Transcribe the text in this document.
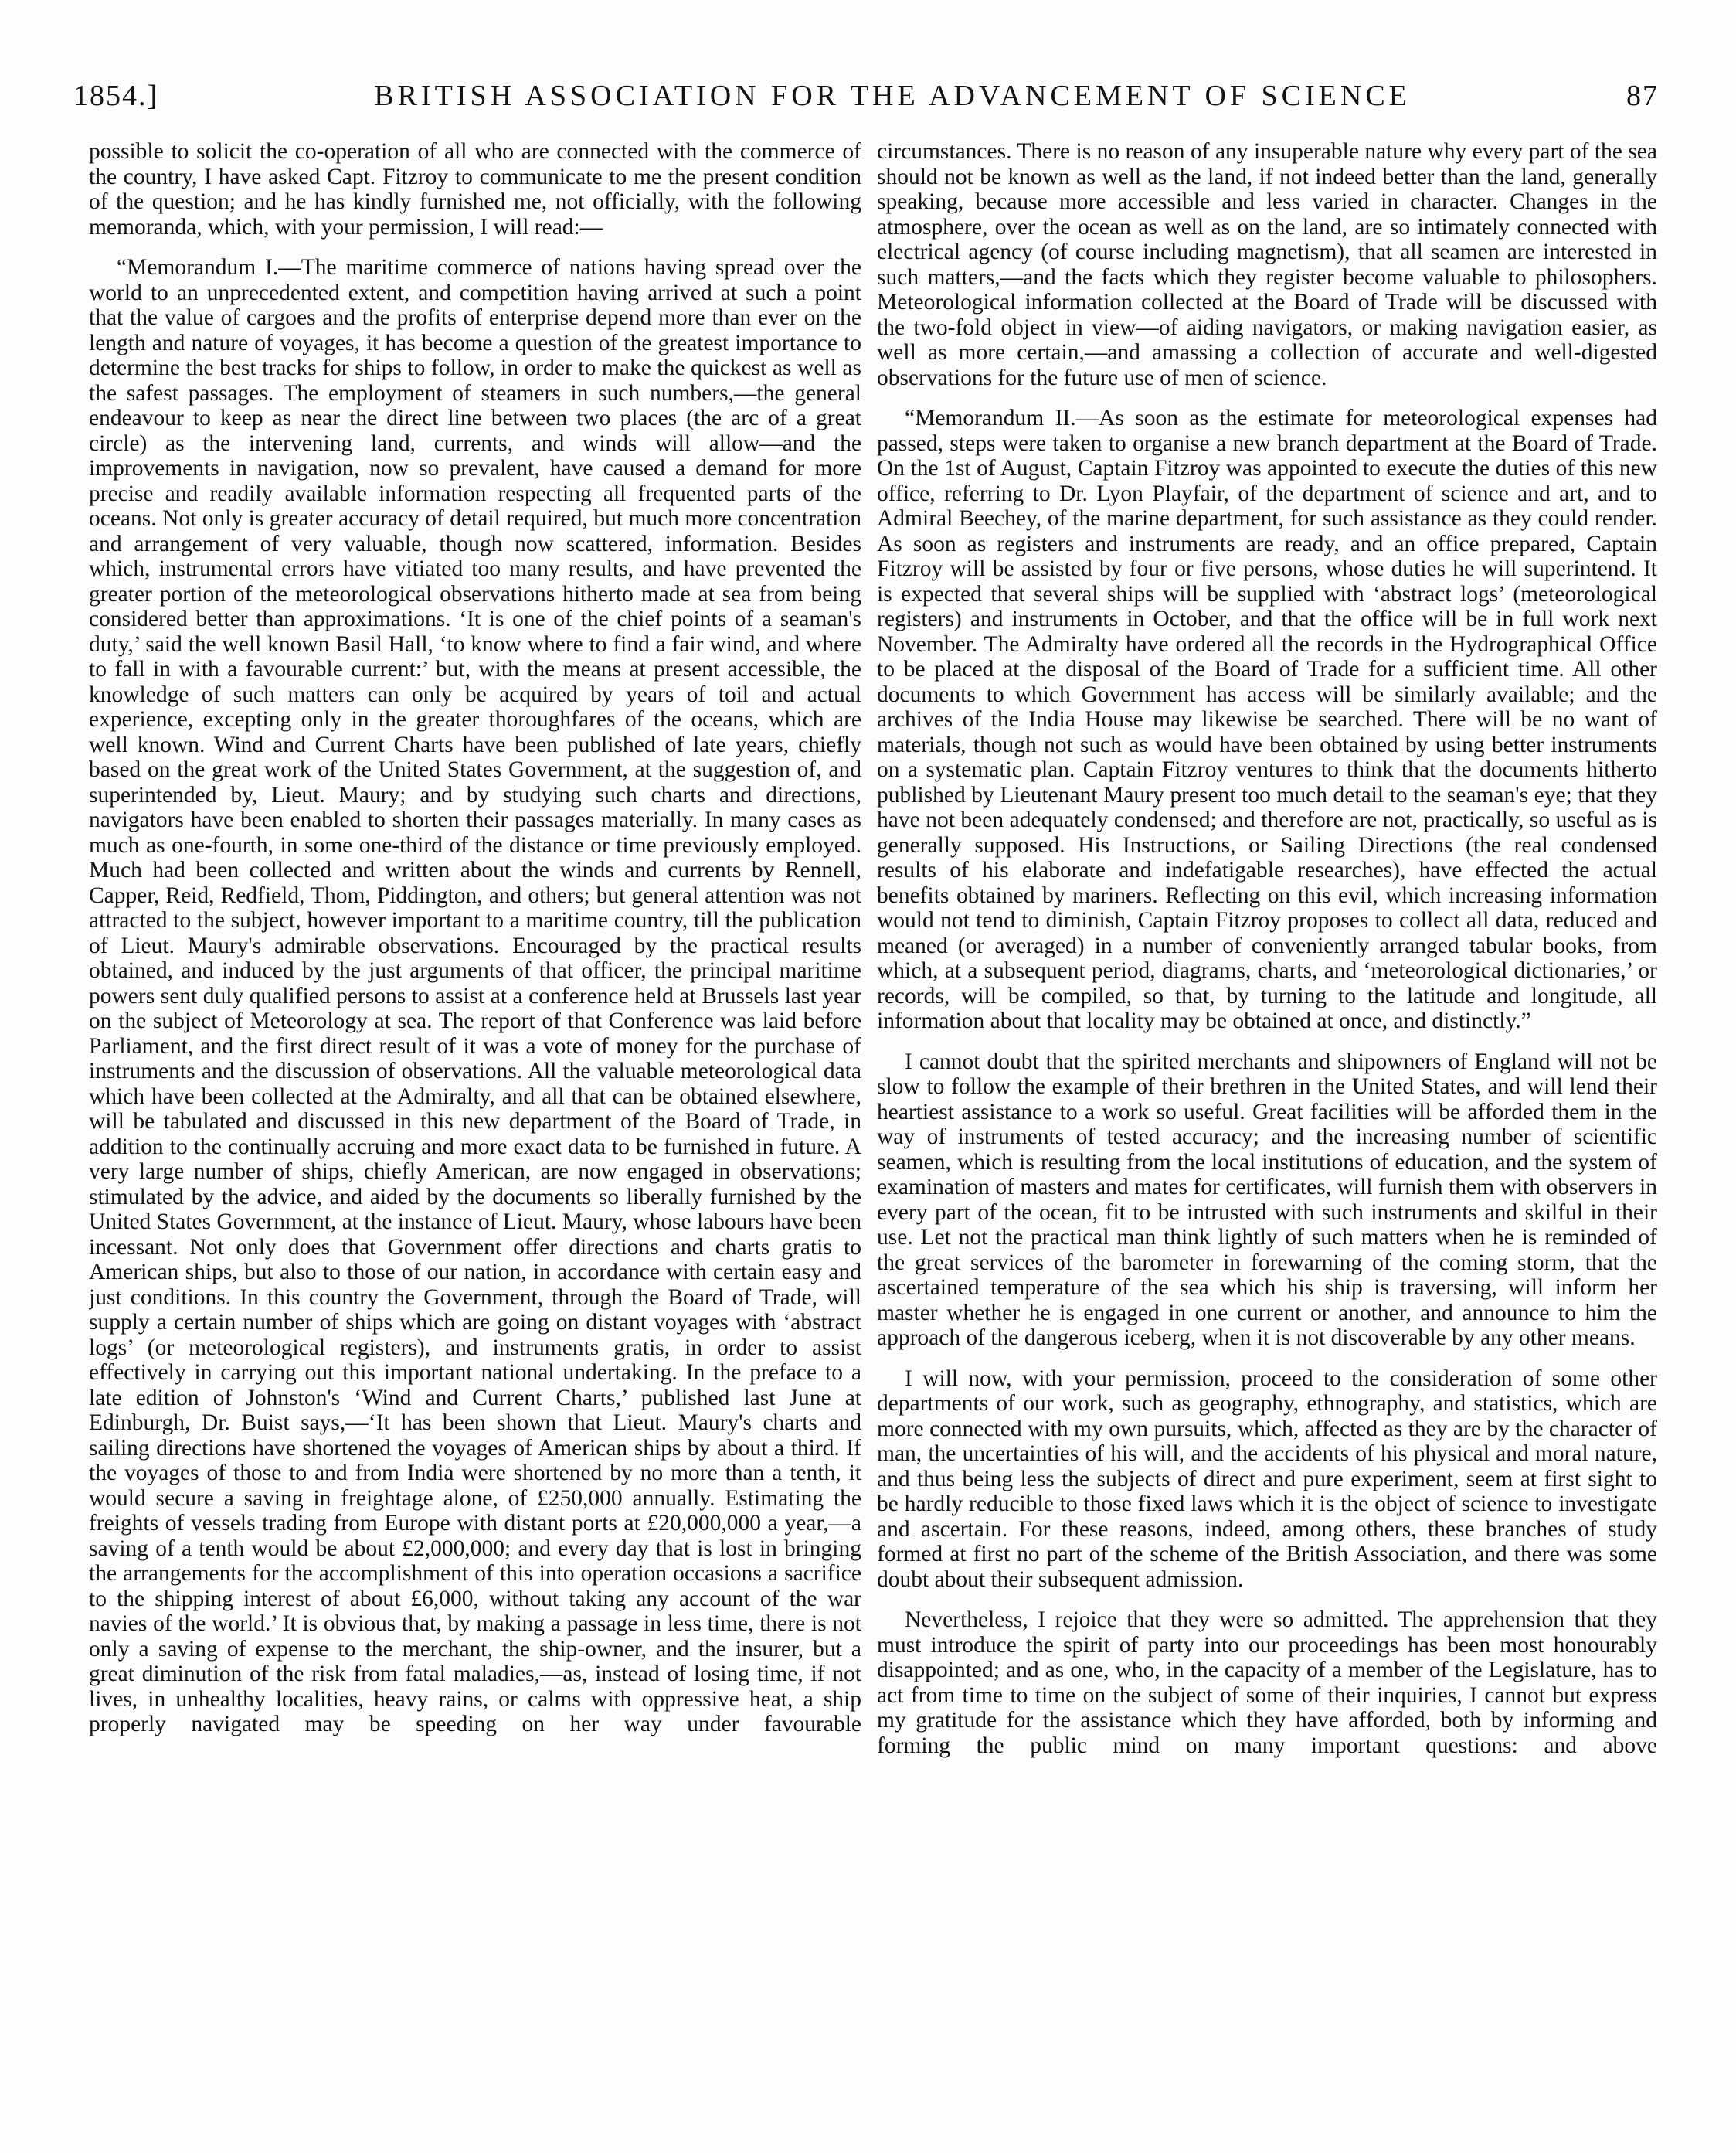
1854.]	BRITISH ASSOCIATION FOR THE ADVANCEMENT OF SCIENCE	87

possible to solicit the co-operation of all who are connected with the commerce of the country, I have asked Capt. Fitzroy to communicate to me the present condition of the question; and he has kindly furnished me, not officially, with the following memoranda, which, with your permission, I will read:—

“Memorandum I.—The maritime commerce of nations having spread over the world to an unprecedented extent, and competition having arrived at such a point that the value of cargoes and the profits of enterprise depend more than ever on the length and nature of voyages, it has become a question of the greatest importance to determine the best tracks for ships to follow, in order to make the quickest as well as the safest passages. The employment of steamers in such numbers,—the general endeavour to keep as near the direct line between two places (the arc of a great circle) as the intervening land, currents, and winds will allow—and the improvements in navigation, now so prevalent, have caused a demand for more precise and readily available information respecting all frequented parts of the oceans. Not only is greater accuracy of detail required, but much more concentration and arrangement of very valuable, though now scattered, information. Besides which, instrumental errors have vitiated too many results, and have prevented the greater portion of the meteorological observations hitherto made at sea from being considered better than approximations. ‘It is one of the chief points of a seaman's duty,’ said the well known Basil Hall, ‘to know where to find a fair wind, and where to fall in with a favourable current:’ but, with the means at present accessible, the knowledge of such matters can only be acquired by years of toil and actual experience, excepting only in the greater thoroughfares of the oceans, which are well known. Wind and Current Charts have been published of late years, chiefly based on the great work of the United States Government, at the suggestion of, and superintended by, Lieut. Maury; and by studying such charts and directions, navigators have been enabled to shorten their passages materially. In many cases as much as one-fourth, in some one-third of the distance or time previously employed. Much had been collected and written about the winds and currents by Rennell, Capper, Reid, Redfield, Thom, Piddington, and others; but general attention was not attracted to the subject, however important to a maritime country, till the publication of Lieut. Maury's admirable observations. Encouraged by the practical results obtained, and induced by the just arguments of that officer, the principal maritime powers sent duly qualified persons to assist at a conference held at Brussels last year on the subject of Meteorology at sea. The report of that Conference was laid before Parliament, and the first direct result of it was a vote of money for the purchase of instruments and the discussion of observations. All the valuable meteorological data which have been collected at the Admiralty, and all that can be obtained elsewhere, will be tabulated and discussed in this new department of the Board of Trade, in addition to the continually accruing and more exact data to be furnished in future. A very large number of ships, chiefly American, are now engaged in observations; stimulated by the advice, and aided by the documents so liberally furnished by the United States Government, at the instance of Lieut. Maury, whose labours have been incessant. Not only does that Government offer directions and charts gratis to American ships, but also to those of our nation, in accordance with certain easy and just conditions. In this country the Government, through the Board of Trade, will supply a certain number of ships which are going on distant voyages with ‘abstract logs’ (or meteorological registers), and instruments gratis, in order to assist effectively in carrying out this important national undertaking. In the preface to a late edition of Johnston's ‘Wind and Current Charts,’ published last June at Edinburgh, Dr. Buist says,—‘It has been shown that Lieut. Maury's charts and sailing directions have shortened the voyages of American ships by about a third. If the voyages of those to and from India were shortened by no more than a tenth, it would secure a saving in freightage alone, of £250,000 annually. Estimating the freights of vessels trading from Europe with distant ports at £20,000,000 a year,—a saving of a tenth would be about £2,000,000; and every day that is lost in bringing the arrangements for the accomplishment of this into operation occasions a sacrifice to the shipping interest of about £6,000, without taking any account of the war navies of the world.’ It is obvious that, by making a passage in less time, there is not only a saving of expense to the merchant, the ship-owner, and the insurer, but a great diminution of the risk from fatal maladies,—as, instead of losing time, if not lives, in unhealthy localities, heavy rains, or calms with oppressive heat, a ship properly navigated may be speeding on her way under favourable

circumstances. There is no reason of any insuperable nature why every part of the sea should not be known as well as the land, if not indeed better than the land, generally speaking, because more accessible and less varied in character. Changes in the atmosphere, over the ocean as well as on the land, are so intimately connected with electrical agency (of course including magnetism), that all seamen are interested in such matters,—and the facts which they register become valuable to philosophers. Meteorological information collected at the Board of Trade will be discussed with the two-fold object in view—of aiding navigators, or making navigation easier, as well as more certain,—and amassing a collection of accurate and well-digested observations for the future use of men of science.

“Memorandum II.—As soon as the estimate for meteorological expenses had passed, steps were taken to organise a new branch department at the Board of Trade. On the 1st of August, Captain Fitzroy was appointed to execute the duties of this new office, referring to Dr. Lyon Playfair, of the department of science and art, and to Admiral Beechey, of the marine department, for such assistance as they could render. As soon as registers and instruments are ready, and an office prepared, Captain Fitzroy will be assisted by four or five persons, whose duties he will superintend. It is expected that several ships will be supplied with ‘abstract logs’ (meteorological registers) and instruments in October, and that the office will be in full work next November. The Admiralty have ordered all the records in the Hydrographical Office to be placed at the disposal of the Board of Trade for a sufficient time. All other documents to which Government has access will be similarly available; and the archives of the India House may likewise be searched. There will be no want of materials, though not such as would have been obtained by using better instruments on a systematic plan. Captain Fitzroy ventures to think that the documents hitherto published by Lieutenant Maury present too much detail to the seaman's eye; that they have not been adequately condensed; and therefore are not, practically, so useful as is generally supposed. His Instructions, or Sailing Directions (the real condensed results of his elaborate and indefatigable researches), have effected the actual benefits obtained by mariners. Reflecting on this evil, which increasing information would not tend to diminish, Captain Fitzroy proposes to collect all data, reduced and meaned (or averaged) in a number of conveniently arranged tabular books, from which, at a subsequent period, diagrams, charts, and ‘meteorological dictionaries,’ or records, will be compiled, so that, by turning to the latitude and longitude, all information about that locality may be obtained at once, and distinctly.”

I cannot doubt that the spirited merchants and shipowners of England will not be slow to follow the example of their brethren in the United States, and will lend their heartiest assistance to a work so useful. Great facilities will be afforded them in the way of instruments of tested accuracy; and the increasing number of scientific seamen, which is resulting from the local institutions of education, and the system of examination of masters and mates for certificates, will furnish them with observers in every part of the ocean, fit to be intrusted with such instruments and skilful in their use. Let not the practical man think lightly of such matters when he is reminded of the great services of the barometer in forewarning of the coming storm, that the ascertained temperature of the sea which his ship is traversing, will inform her master whether he is engaged in one current or another, and announce to him the approach of the dangerous iceberg, when it is not discoverable by any other means.

I will now, with your permission, proceed to the consideration of some other departments of our work, such as geography, ethnography, and statistics, which are more connected with my own pursuits, which, affected as they are by the character of man, the uncertainties of his will, and the accidents of his physical and moral nature, and thus being less the subjects of direct and pure experiment, seem at first sight to be hardly reducible to those fixed laws which it is the object of science to investigate and ascertain. For these reasons, indeed, among others, these branches of study formed at first no part of the scheme of the British Association, and there was some doubt about their subsequent admission.

Nevertheless, I rejoice that they were so admitted. The apprehension that they must introduce the spirit of party into our proceedings has been most honourably disappointed; and as one, who, in the capacity of a member of the Legislature, has to act from time to time on the subject of some of their inquiries, I cannot but express my gratitude for the assistance which they have afforded, both by informing and forming the public mind on many important questions: and above
